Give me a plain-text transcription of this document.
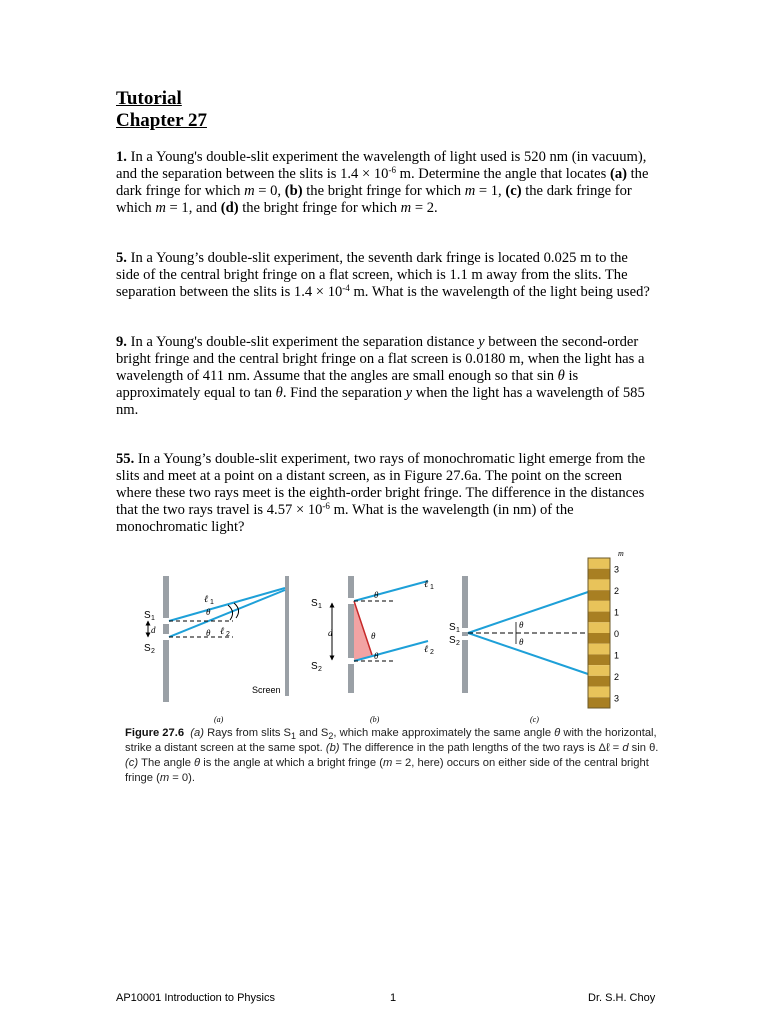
Tutorial
Chapter 27
1. In a Young's double-slit experiment the wavelength of light used is 520 nm (in vacuum), and the separation between the slits is $1.4 \times 10^{-6}$ m. Determine the angle that locates (a) the dark fringe for which m = 0, (b) the bright fringe for which m = 1, (c) the dark fringe for which m = 1, and (d) the bright fringe for which m = 2.
5. In a Young’s double-slit experiment, the seventh dark fringe is located 0.025 m to the side of the central bright fringe on a flat screen, which is 1.1 m away from the slits. The separation between the slits is $1.4 \times 10^{-4}$ m. What is the wavelength of the light being used?
9. In a Young's double-slit experiment the separation distance y between the second-order bright fringe and the central bright fringe on a flat screen is 0.0180 m, when the light has a wavelength of 411 nm. Assume that the angles are small enough so that sin θ is approximately equal to tan θ. Find the separation y when the light has a wavelength of 585 nm.
55. In a Young’s double-slit experiment, two rays of monochromatic light emerge from the slits and meet at a point on a distant screen, as in Figure 27.6a. The point on the screen where these two rays meet is the eighth-order bright fringe. The difference in the distances that the two rays travel is $4.57 \times 10^{-6}$ m. What is the wavelength (in nm) of the monochromatic light?
d
S 1
S 2
θ
θ
ℓ 1
ℓ 2
Screen
(a)
d
S 1
S 2
θ
θ
θ
ℓ 1
ℓ 2
(b)
θ
θ
S 1
S 2
3
2
1
0
1
2
3
m
(c)
Figure 27.6 (a) Rays from slits $S_1$ and $S_2$, which make approximately the same angle θ with the horizontal, strike a distant screen at the same spot. (b) The difference in the path lengths of the two rays is Δℓ = d sin θ. (c) The angle θ is the angle at which a bright fringe (m = 2, here) occurs on either side of the central bright fringe (m = 0).
AP10001 Introduction to Physics	1	Dr. S.H. Choy
